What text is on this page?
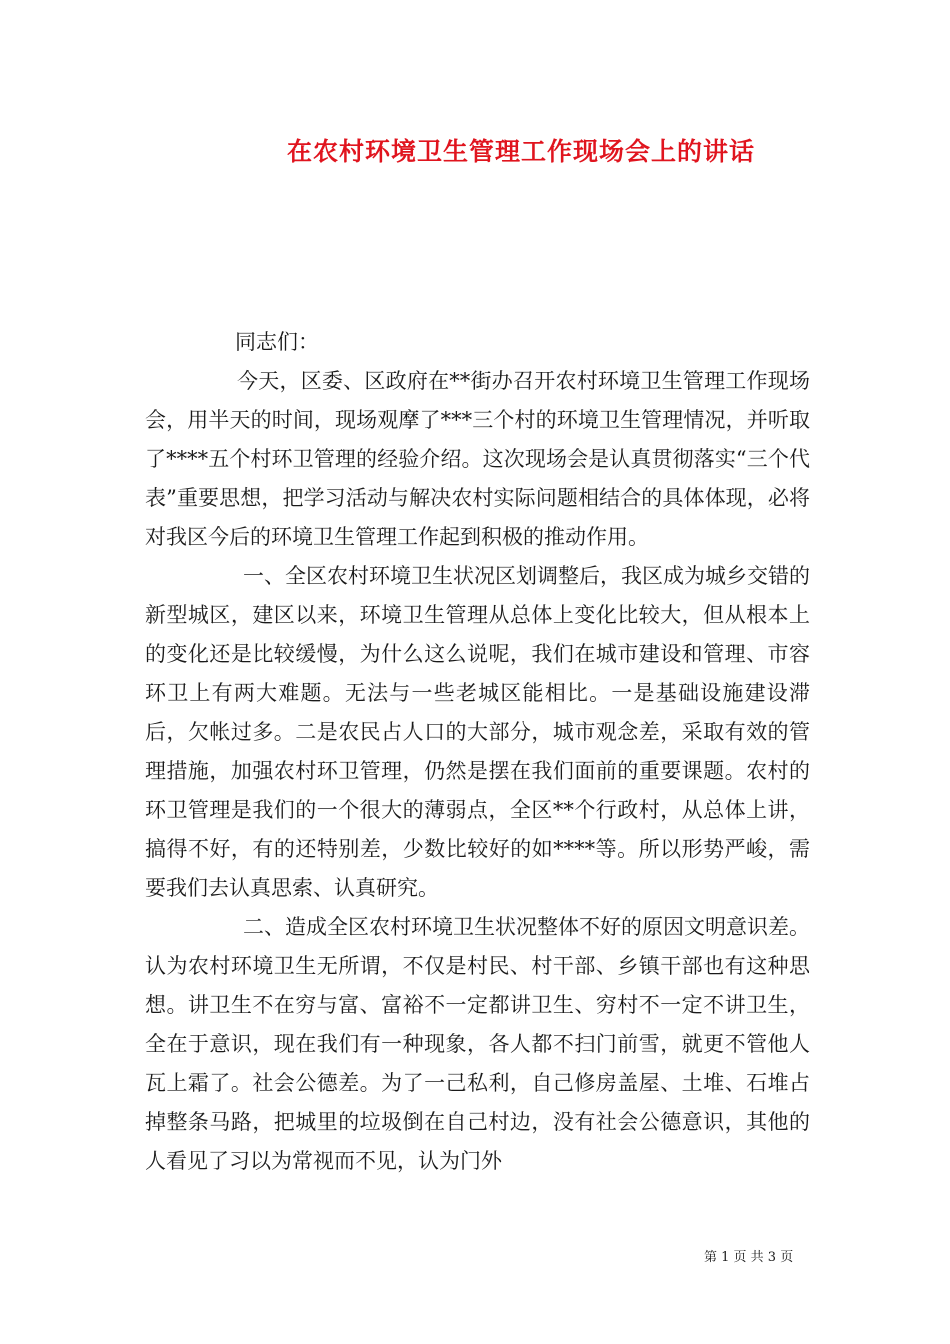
在农村环境卫生管理工作现场会上的讲话

同志们：

今天，区委、区政府在**街办召开农村环境卫生管理工作现场会，用半天的时间，现场观摩了***三个村的环境卫生管理情况，并听取了****五个村环卫管理的经验介绍。这次现场会是认真贯彻落实“三个代表”重要思想，把学习活动与解决农村实际问题相结合的具体体现，必将对我区今后的环境卫生管理工作起到积极的推动作用。

一、全区农村环境卫生状况区划调整后，我区成为城乡交错的新型城区，建区以来，环境卫生管理从总体上变化比较大，但从根本上的变化还是比较缓慢，为什么这么说呢，我们在城市建设和管理、市容环卫上有两大难题。无法与一些老城区能相比。一是基础设施建设滞后，欠帐过多。二是农民占人口的大部分，城市观念差，采取有效的管理措施，加强农村环卫管理，仍然是摆在我们面前的重要课题。农村的环卫管理是我们的一个很大的薄弱点，全区**个行政村，从总体上讲，搞得不好，有的还特别差，少数比较好的如****等。所以形势严峻，需要我们去认真思索、认真研究。

二、造成全区农村环境卫生状况整体不好的原因文明意识差。认为农村环境卫生无所谓，不仅是村民、村干部、乡镇干部也有这种思想。讲卫生不在穷与富、富裕不一定都讲卫生、穷村不一定不讲卫生，全在于意识，现在我们有一种现象，各人都不扫门前雪，就更不管他人瓦上霜了。社会公德差。为了一己私利，自己修房盖屋、土堆、石堆占掉整条马路，把城里的垃圾倒在自己村边，没有社会公德意识，其他的人看见了习以为常视而不见，认为门外

第 1 页 共 3 页
